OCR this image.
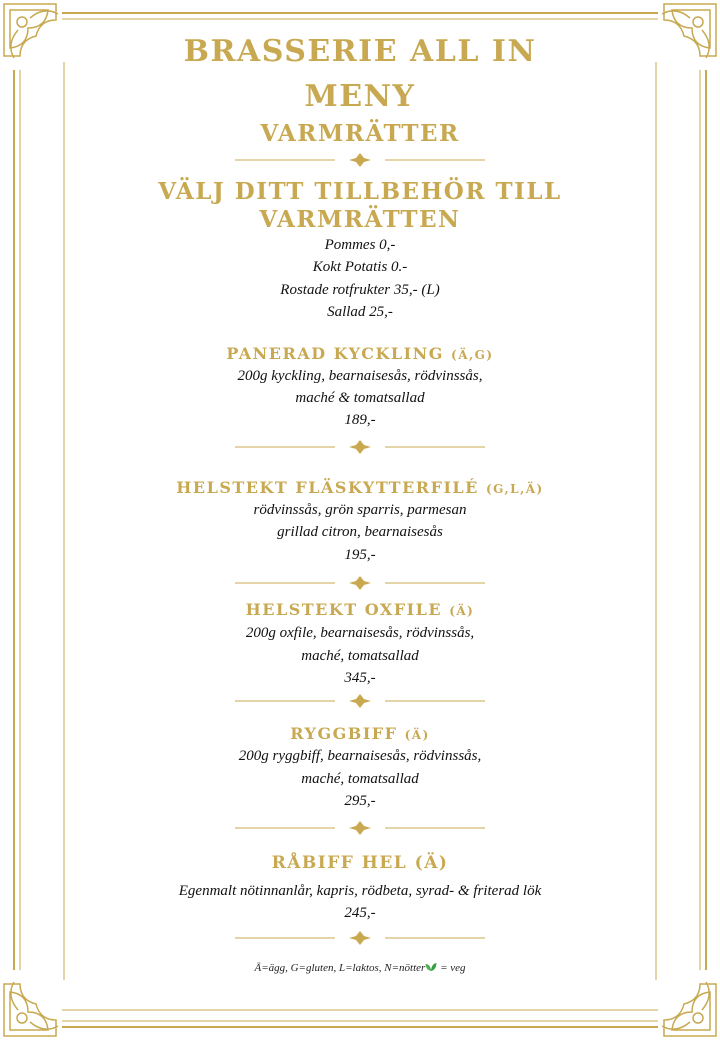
BRASSERIE ALL IN
MENY
VARMRÄTTER
VÄLJ DITT TILLBEHÖR TILL
VARMRÄTTEN
Pommes 0,-
Kokt Potatis 0.-
Rostade rotfrukter 35,- (L)
Sallad 25,-
PANERAD KYCKLING (Ä,G)
200g kyckling, bearnaisesås, rödvinssås,
maché & tomatsallad
189,-
HELSTEKT FLÄSKYTTERFILÉ (G,L,Ä)
rödvinssås, grön sparris, parmesan
grillad citron, bearnaisesås
195,-
HELSTEKT OXFILE (Ä)
200g oxfile, bearnaisesås, rödvinssås,
maché, tomatsallad
345,-
RYGGBIFF (Ä)
200g ryggbiff, bearnaisesås, rödvinssås,
maché, tomatsallad
295,-
RÅBIFF HEL (Ä)
Egenmalt nötinnanlår, kapris, rödbeta, syrad- & friterad lök
245,-
Ä=ägg, G=gluten, L=laktos, N=nötter = veg
